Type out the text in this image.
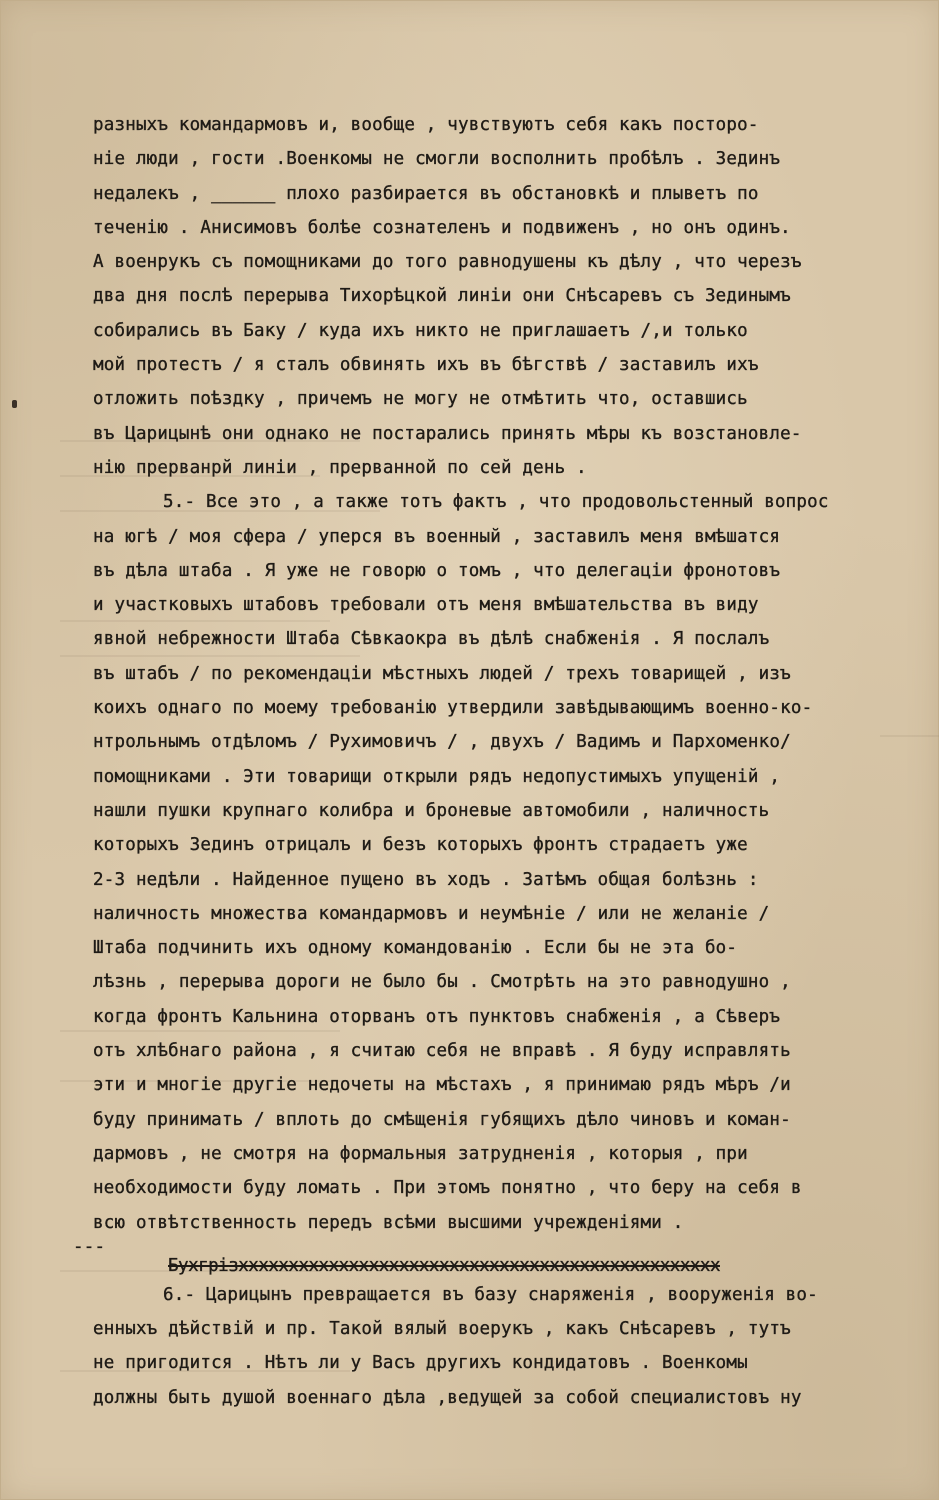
разныхъ командармовъ и, вообще , чувствуютъ себя какъ посторо-
ніе люди , гости .Военкомы не смогли восполнить пробѣлъ . Зединъ
недалекъ , ______ плохо разбирается въ обстановкѣ и плыветъ по
теченію . Анисимовъ болѣе сознателенъ и подвиженъ , но онъ одинъ.
А военрукъ съ помощниками до того равнодушены къ дѣлу , что черезъ
два дня послѣ перерыва Тихорѣцкой линіи они Снѣсаревъ съ Зединымъ
собирались въ Баку / куда ихъ никто не приглашаетъ /,и только
мой протестъ / я сталъ обвинять ихъ въ бѣгствѣ / заставилъ ихъ
отложить поѣздку , причемъ не могу не отмѣтить что, оставшись
въ Царицынѣ они однако не постарались принять мѣры къ возстановле-
нію прерванрй линіи , прерванной по сей день .
5.- Все это , а также тотъ фактъ , что продовольстенный вопрос
на югѣ / моя сфера / уперся въ военный , заставилъ меня вмѣшатся
въ дѣла штаба . Я уже не говорю о томъ , что делегаціи фронотовъ
и участковыхъ штабовъ требовали отъ меня вмѣшательства въ виду
явной небрежности Штаба Сѣвкаокра въ дѣлѣ снабженія . Я послалъ
въ штабъ / по рекомендаціи мѣстныхъ людей / трехъ товарищей , изъ
коихъ однаго по моему требованію утвердили завѣдывающимъ военно-ко-
нтрольнымъ отдѣломъ / Рухимовичъ / , двухъ / Вадимъ и Пархоменко/
помощниками . Эти товарищи открыли рядъ недопустимыхъ упущеній ,
нашли пушки крупнаго колибра и броневые автомобили , наличность
которыхъ Зединъ отрицалъ и безъ которыхъ фронтъ страдаетъ уже
2-3 недѣли . Найденное пущено въ ходъ . Затѣмъ общая болѣзнь :
наличность множества командармовъ и неумѣніе / или не желаніе /
Штаба подчинить ихъ одному командованію . Если бы не эта бо-
лѣзнь , перерыва дороги не было бы . Смотрѣть на это равнодушно ,
когда фронтъ Кальнина оторванъ отъ пунктовъ снабженія , а Сѣверъ
отъ хлѣбнаго района , я считаю себя не вправѣ . Я буду исправлять
эти и многіе другіе недочеты на мѣстахъ , я принимаю рядъ мѣръ /и
буду принимать / вплоть до смѣщенія губящихъ дѣло чиновъ и коман-
дармовъ , не смотря на формальныя затрудненія , которыя , при
необходимости буду ломать . При этомъ понятно , что беру на себя в
всю отвѣтственность передъ всѣми высшими учрежденіями .
---
Бухгрізхххххххххххххххххххххххххххххххххххххххххххххххх
6.- Царицынъ превращается въ базу снаряженія , вооруженія во-
енныхъ дѣйствій и пр. Такой вялый воерукъ , какъ Снѣсаревъ , тутъ
не пригодится . Нѣтъ ли у Васъ другихъ кондидатовъ . Военкомы
должны быть душой военнаго дѣла ,ведущей за собой специалистовъ ну
